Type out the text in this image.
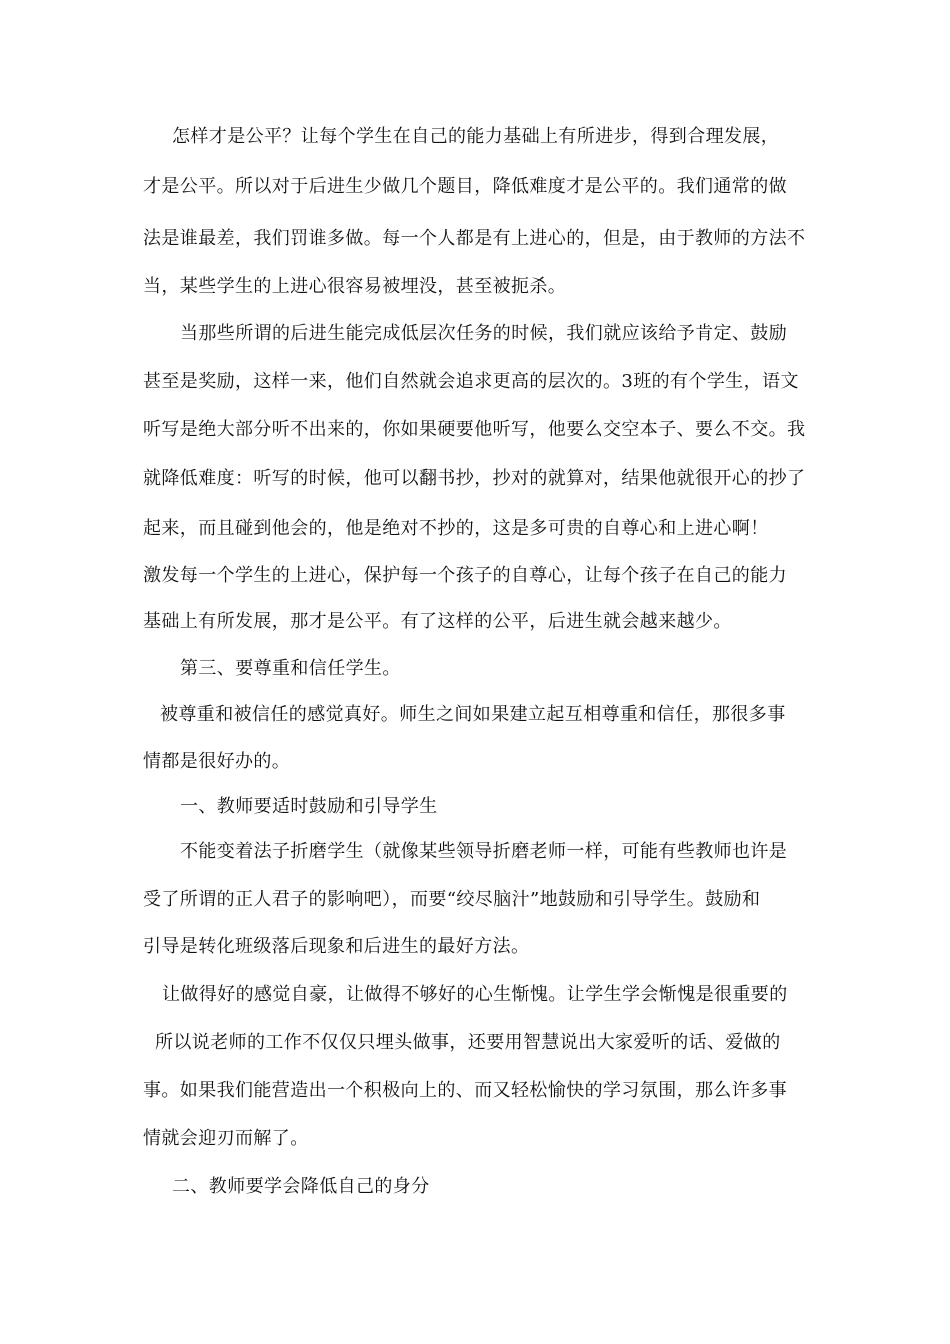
怎样才是公平？让每个学生在自己的能力基础上有所进步，得到合理发展，
才是公平。所以对于后进生少做几个题目，降低难度才是公平的。我们通常的做
法是谁最差，我们罚谁多做。每一个人都是有上进心的，但是，由于教师的方法不
当，某些学生的上进心很容易被埋没，甚至被扼杀。
当那些所谓的后进生能完成低层次任务的时候，我们就应该给予肯定、鼓励
甚至是奖励，这样一来，他们自然就会追求更高的层次的。3班的有个学生，语文
听写是绝大部分听不出来的，你如果硬要他听写，他要么交空本子、要么不交。我
就降低难度：听写的时候，他可以翻书抄，抄对的就算对，结果他就很开心的抄了
起来，而且碰到他会的，他是绝对不抄的，这是多可贵的自尊心和上进心啊！
激发每一个学生的上进心，保护每一个孩子的自尊心，让每个孩子在自己的能力
基础上有所发展，那才是公平。有了这样的公平，后进生就会越来越少。
第三、要尊重和信任学生。
被尊重和被信任的感觉真好。师生之间如果建立起互相尊重和信任，那很多事
情都是很好办的。
一、教师要适时鼓励和引导学生
不能变着法子折磨学生（就像某些领导折磨老师一样，可能有些教师也许是
受了所谓的正人君子的影响吧），而要“绞尽脑汁”地鼓励和引导学生。鼓励和
引导是转化班级落后现象和后进生的最好方法。
让做得好的感觉自豪，让做得不够好的心生惭愧。让学生学会惭愧是很重要的
所以说老师的工作不仅仅只埋头做事，还要用智慧说出大家爱听的话、爱做的
事。如果我们能营造出一个积极向上的、而又轻松愉快的学习氛围，那么许多事
情就会迎刃而解了。
二、教师要学会降低自己的身分
